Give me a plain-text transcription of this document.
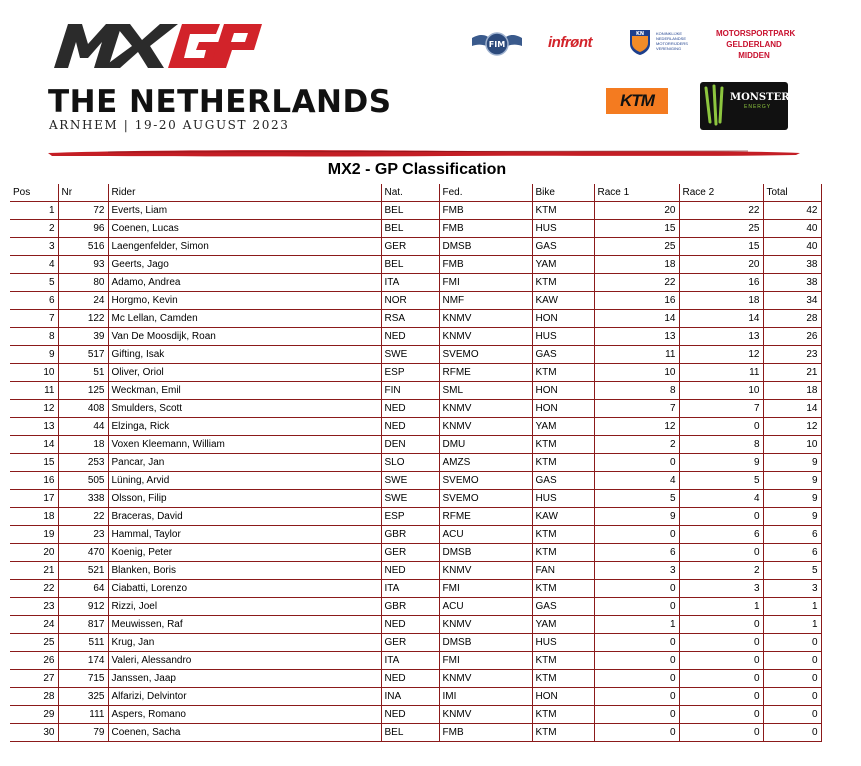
THE NETHERLANDS
ARNHEM | 19-20 AUGUST 2023
FIM	infrønt	KN	KONINKLIJKE NEDERLANDSE MOTORRIJDERS VERENIGING
MOTORSPORTPARK
GELDERLAND
MIDDEN
KTM	MONSTER
ENERGY
MX2 - GP Classification
Pos	Nr	Rider	Nat.	Fed.	Bike	Race 1	Race 2	Total
1	72	Everts, Liam	BEL	FMB	KTM	20	22	42
2	96	Coenen, Lucas	BEL	FMB	HUS	15	25	40
3	516	Laengenfelder, Simon	GER	DMSB	GAS	25	15	40
4	93	Geerts, Jago	BEL	FMB	YAM	18	20	38
5	80	Adamo, Andrea	ITA	FMI	KTM	22	16	38
6	24	Horgmo, Kevin	NOR	NMF	KAW	16	18	34
7	122	Mc Lellan, Camden	RSA	KNMV	HON	14	14	28
8	39	Van De Moosdijk, Roan	NED	KNMV	HUS	13	13	26
9	517	Gifting, Isak	SWE	SVEMO	GAS	11	12	23
10	51	Oliver, Oriol	ESP	RFME	KTM	10	11	21
11	125	Weckman, Emil	FIN	SML	HON	8	10	18
12	408	Smulders, Scott	NED	KNMV	HON	7	7	14
13	44	Elzinga, Rick	NED	KNMV	YAM	12	0	12
14	18	Voxen Kleemann, William	DEN	DMU	KTM	2	8	10
15	253	Pancar, Jan	SLO	AMZS	KTM	0	9	9
16	505	Lüning, Arvid	SWE	SVEMO	GAS	4	5	9
17	338	Olsson, Filip	SWE	SVEMO	HUS	5	4	9
18	22	Braceras, David	ESP	RFME	KAW	9	0	9
19	23	Hammal, Taylor	GBR	ACU	KTM	0	6	6
20	470	Koenig, Peter	GER	DMSB	KTM	6	0	6
21	521	Blanken, Boris	NED	KNMV	FAN	3	2	5
22	64	Ciabatti, Lorenzo	ITA	FMI	KTM	0	3	3
23	912	Rizzi, Joel	GBR	ACU	GAS	0	1	1
24	817	Meuwissen, Raf	NED	KNMV	YAM	1	0	1
25	511	Krug, Jan	GER	DMSB	HUS	0	0	0
26	174	Valeri, Alessandro	ITA	FMI	KTM	0	0	0
27	715	Janssen, Jaap	NED	KNMV	KTM	0	0	0
28	325	Alfarizi, Delvintor	INA	IMI	HON	0	0	0
29	111	Aspers, Romano	NED	KNMV	KTM	0	0	0
30	79	Coenen, Sacha	BEL	FMB	KTM	0	0	0
